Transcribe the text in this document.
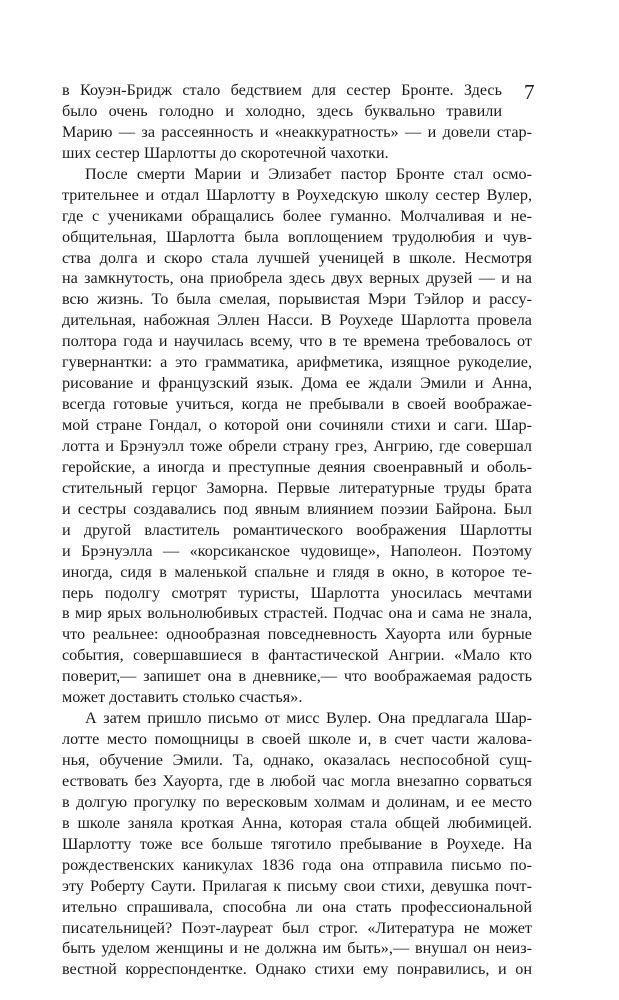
7
в Коуэн-Бридж стало бедствием для сестер Бронте. Здесь
было очень голодно и холодно, здесь буквально травили
Марию — за рассеянность и «неаккуратность» — и довели стар-
ших сестер Шарлотты до скоротечной чахотки.
После смерти Марии и Элизабет пастор Бронте стал осмо-
трительнее и отдал Шарлотту в Роухедскую школу сестер Вулер,
где с учениками обращались более гуманно. Молчаливая и не-
общительная, Шарлотта была воплощением трудолюбия и чув-
ства долга и скоро стала лучшей ученицей в школе. Несмотря
на замкнутость, она приобрела здесь двух верных друзей — и на
всю жизнь. То была смелая, порывистая Мэри Тэйлор и рассу-
дительная, набожная Эллен Насси. В Роухеде Шарлотта провела
полтора года и научилась всему, что в те времена требовалось от
гувернантки: а это грамматика, арифметика, изящное рукоделие,
рисование и французский язык. Дома ее ждали Эмили и Анна,
всегда готовые учиться, когда не пребывали в своей воображае-
мой стране Гондал, о которой они сочиняли стихи и саги. Шар-
лотта и Брэнуэлл тоже обрели страну грез, Ангрию, где совершал
геройские, а иногда и преступные деяния своенравный и оболь-
стительный герцог Заморна. Первые литературные труды брата
и сестры создавались под явным влиянием поэзии Байрона. Был
и другой властитель романтического воображения Шарлотты
и Брэнуэлла — «корсиканское чудовище», Наполеон. Поэтому
иногда, сидя в маленькой спальне и глядя в окно, в которое те-
перь подолгу смотрят туристы, Шарлотта уносилась мечтами
в мир ярых вольнолюбивых страстей. Подчас она и сама не знала,
что реальнее: однообразная повседневность Хауорта или бурные
события, совершавшиеся в фантастической Ангрии. «Мало кто
поверит,— запишет она в дневнике,— что воображаемая радость
может доставить столько счастья».
А затем пришло письмо от мисс Вулер. Она предлагала Шар-
лотте место помощницы в своей школе и, в счет части жалова-
нья, обучение Эмили. Та, однако, оказалась неспособной сущ-
ествовать без Хауорта, где в любой час могла внезапно сорваться
в долгую прогулку по вересковым холмам и долинам, и ее место
в школе заняла кроткая Анна, которая стала общей любимицей.
Шарлотту тоже все больше тяготило пребывание в Роухеде. На
рождественских каникулах 1836 года она отправила письмо по-
эту Роберту Саути. Прилагая к письму свои стихи, девушка почт-
ительно спрашивала, способна ли она стать профессиональной
писательницей? Поэт-лауреат был строг. «Литература не может
быть уделом женщины и не должна им быть»,— внушал он неиз-
вестной корреспондентке. Однако стихи ему понравились, и он
